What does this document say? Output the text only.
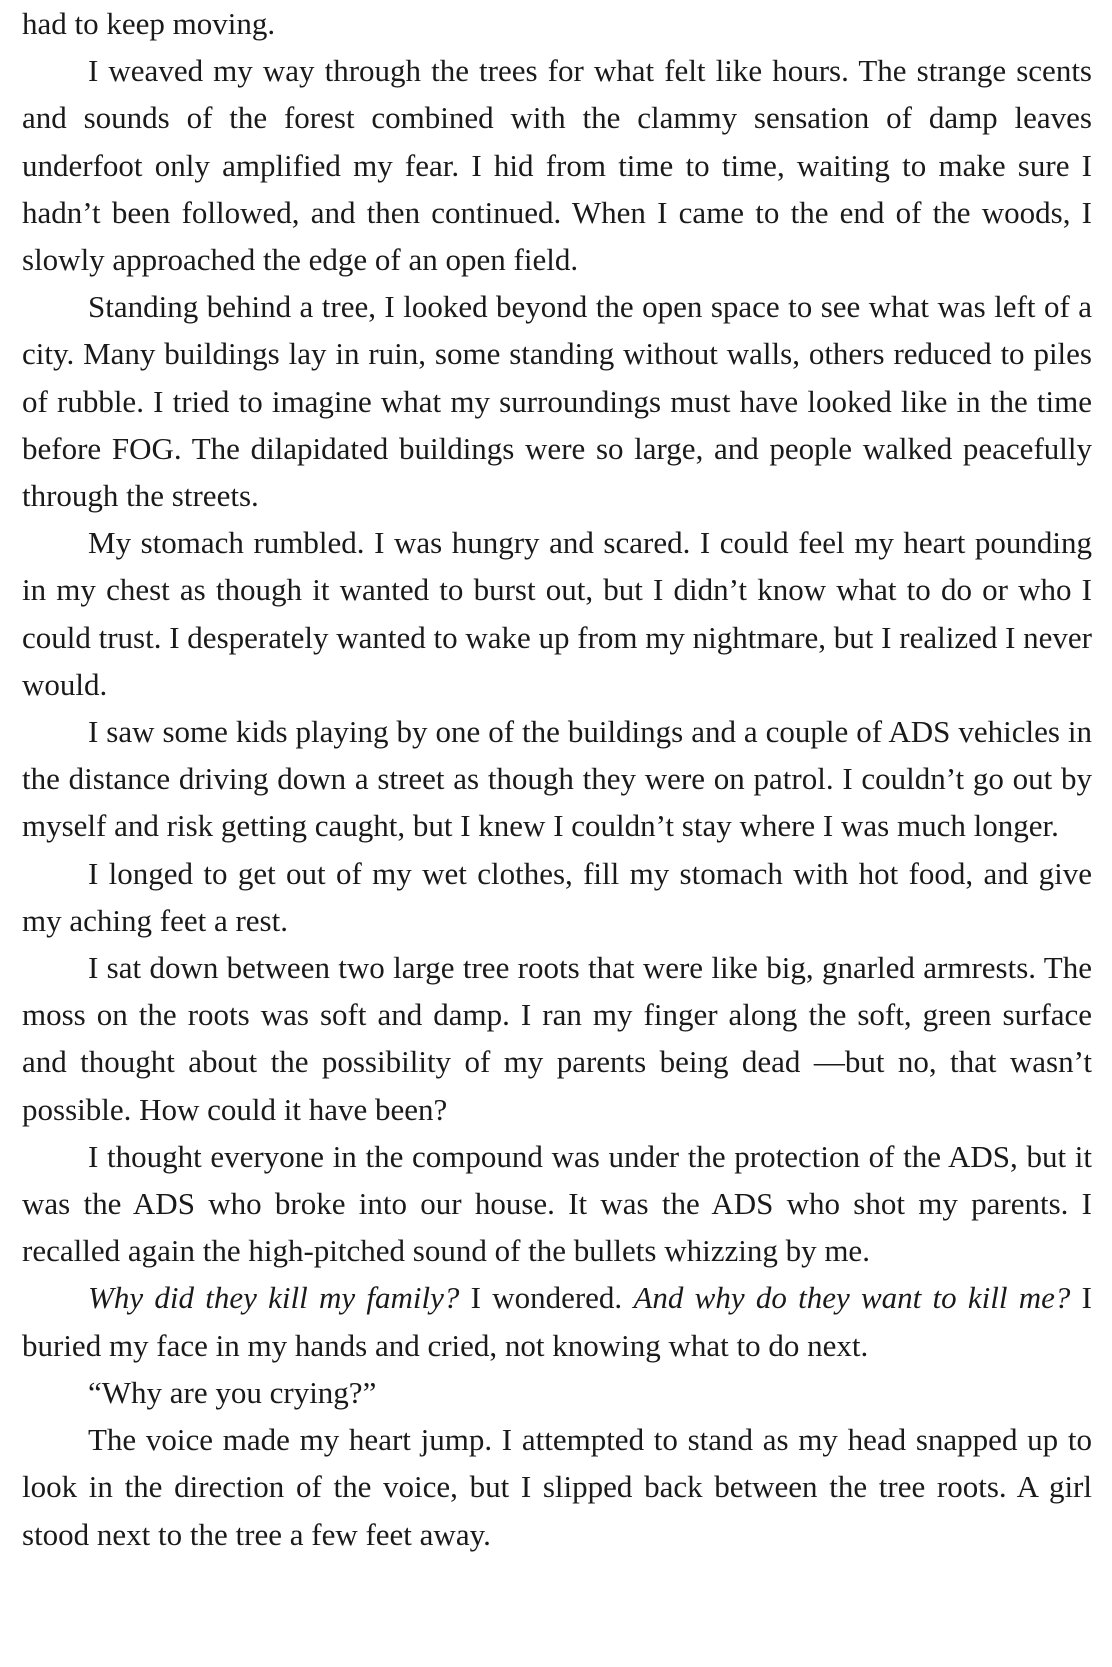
had to keep moving.

I weaved my way through the trees for what felt like hours. The strange scents and sounds of the forest combined with the clammy sensation of damp leaves underfoot only amplified my fear. I hid from time to time, waiting to make sure I hadn’t been followed, and then continued. When I came to the end of the woods, I slowly approached the edge of an open field.

Standing behind a tree, I looked beyond the open space to see what was left of a city. Many buildings lay in ruin, some standing without walls, others reduced to piles of rubble. I tried to imagine what my surroundings must have looked like in the time before FOG. The dilapidated buildings were so large, and people walked peacefully through the streets.

My stomach rumbled. I was hungry and scared. I could feel my heart pounding in my chest as though it wanted to burst out, but I didn’t know what to do or who I could trust. I desperately wanted to wake up from my nightmare, but I realized I never would.

I saw some kids playing by one of the buildings and a couple of ADS vehicles in the distance driving down a street as though they were on patrol. I couldn’t go out by myself and risk getting caught, but I knew I couldn’t stay where I was much longer.

I longed to get out of my wet clothes, fill my stomach with hot food, and give my aching feet a rest.

I sat down between two large tree roots that were like big, gnarled armrests. The moss on the roots was soft and damp. I ran my finger along the soft, green surface and thought about the possibility of my parents being dead —but no, that wasn’t possible. How could it have been?

I thought everyone in the compound was under the protection of the ADS, but it was the ADS who broke into our house. It was the ADS who shot my parents. I recalled again the high-pitched sound of the bullets whizzing by me.

Why did they kill my family? I wondered. And why do they want to kill me? I buried my face in my hands and cried, not knowing what to do next.

“Why are you crying?”

The voice made my heart jump. I attempted to stand as my head snapped up to look in the direction of the voice, but I slipped back between the tree roots. A girl stood next to the tree a few feet away.
